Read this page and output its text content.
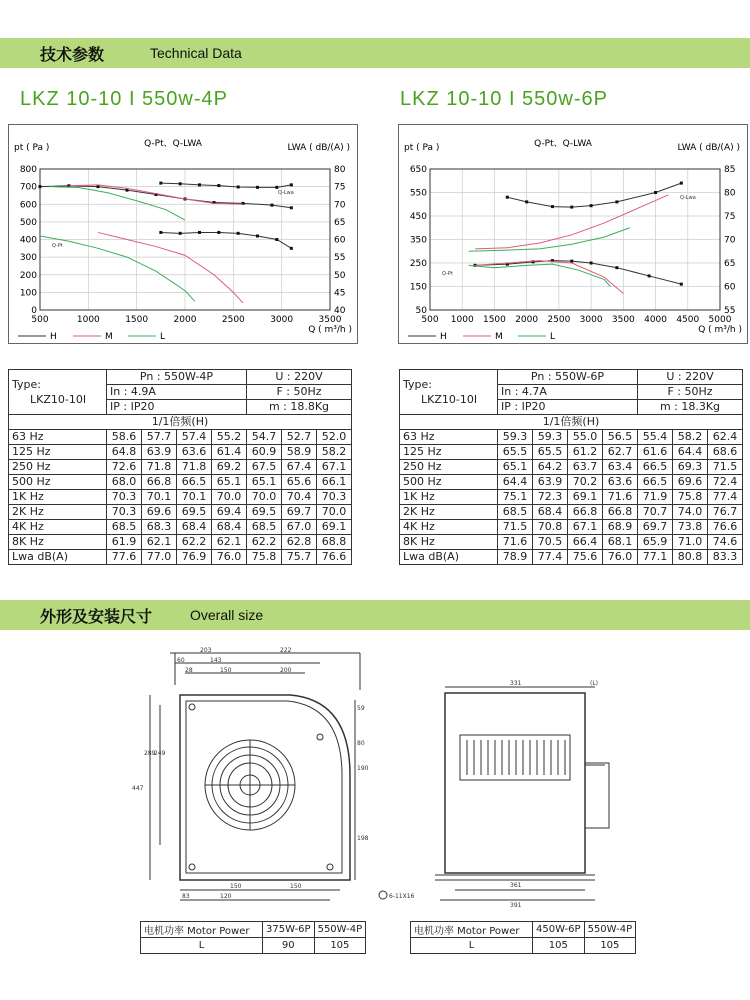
技术参数	Technical Data
LKZ 10-10 I 550w-4P	LKZ 10-10 I 550w-6P
500	1000	1500	2000	2500	3000	3500
0
100
200
300
400
500
600
700
800
40
45
50
55
60
65
70
75
80
pt ( Pa )	LWA ( dB/(A) )
Q-Pt、Q-LWA
Q ( m³/h )
Q-Pt
Q-Lwa
H	M	L
500 1000 1500 2000 2500 3000 3500 4000 4500 5000
50
150
250
350
450
550
650
55
60
65
70
75
80
85
pt ( Pa )	LWA ( dB/(A) )
Q-Pt、Q-LWA
Q ( m³/h )
Q-Pt
Q-Lwa
H	M	L
Type:
LKZ10-10I	Pn : 550W-4P				U : 220V		
	In : 4.9A				F : 50Hz		
	IP : IP20				m : 18.8Kg		
1/1倍频(H)							
63 Hz	58.6	57.7	57.4	55.2	54.7	52.7	52.0
125 Hz	64.8	63.9	63.6	61.4	60.9	58.9	58.2
250 Hz	72.6	71.8	71.8	69.2	67.5	67.4	67.1
500 Hz	68.0	66.8	66.5	65.1	65.1	65.6	66.1
1K Hz	70.3	70.1	70.1	70.0	70.0	70.4	70.3
2K Hz	70.3	69.6	69.5	69.4	69.5	69.7	70.0
4K Hz	68.5	68.3	68.4	68.4	68.5	67.0	69.1
8K Hz	61.9	62.1	62.2	62.1	62.2	62.8	68.8
Lwa dB(A)	77.6	77.0	76.9	76.0	75.8	75.7	76.6
Type:
LKZ10-10I	Pn : 550W-6P				U : 220V		
	In : 4.7A				F : 50Hz		
	IP : IP20				m : 18.3Kg		
1/1倍频(H)							
63 Hz	59.3	59.3	55.0	56.5	55.4	58.2	62.4
125 Hz	65.5	65.5	61.2	62.7	61.6	64.4	68.6
250 Hz	65.1	64.2	63.7	63.4	66.5	69.3	71.5
500 Hz	64.4	63.9	70.2	63.6	66.5	69.6	72.4
1K Hz	75.1	72.3	69.1	71.6	71.9	75.8	77.4
2K Hz	68.5	68.4	66.8	66.8	70.7	74.0	76.7
4K Hz	71.5	70.8	67.1	68.9	69.7	73.8	76.6
8K Hz	71.6	70.5	66.4	68.1	65.9	71.0	74.6
Lwa dB(A)	78.9	77.4	75.6	76.0	77.1	80.8	83.3
外形及安装尺寸	Overall size
203	222
60	143
28	150	200
289
249
447
59
80
190
198
83	120
150	150
331	(L)
361
391
6-11X16
电机功率 Motor Power	375W-6P	550W-4P
L	90	105
电机功率 Motor Power	450W-6P	550W-4P
L	105	105
